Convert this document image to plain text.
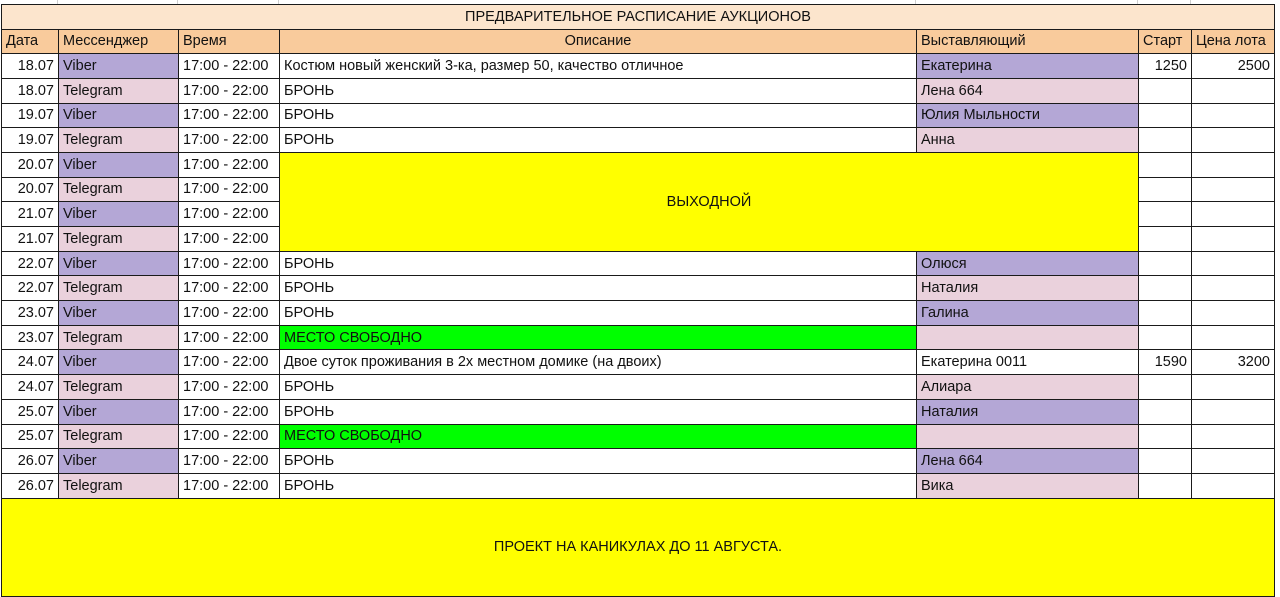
ПРЕДВАРИТЕЛЬНОЕ РАСПИСАНИЕ АУКЦИОНОВ						
Дата	Мессенджер	Время	Описание	Выставляющий	Старт	Цена лота
18.07	Viber	17:00 - 22:00	Костюм новый женский 3-ка, размер 50, качество отличное	Екатерина	1250	2500
18.07	Telegram	17:00 - 22:00	БРОНЬ	Лена 664		
19.07	Viber	17:00 - 22:00	БРОНЬ	Юлия Мыльности		
19.07	Telegram	17:00 - 22:00	БРОНЬ	Анна		
20.07	Viber	17:00 - 22:00	ВЫХОДНОЙ			
20.07	Telegram	17:00 - 22:00				
21.07	Viber	17:00 - 22:00				
21.07	Telegram	17:00 - 22:00				
22.07	Viber	17:00 - 22:00	БРОНЬ	Олюся		
22.07	Telegram	17:00 - 22:00	БРОНЬ	Наталия		
23.07	Viber	17:00 - 22:00	БРОНЬ	Галина		
23.07	Telegram	17:00 - 22:00	МЕСТО СВОБОДНО			
24.07	Viber	17:00 - 22:00	Двое суток проживания в 2х местном домике (на двоих)	Екатерина 0011	1590	3200
24.07	Telegram	17:00 - 22:00	БРОНЬ	Алиара		
25.07	Viber	17:00 - 22:00	БРОНЬ	Наталия		
25.07	Telegram	17:00 - 22:00	МЕСТО СВОБОДНО			
26.07	Viber	17:00 - 22:00	БРОНЬ	Лена 664		
26.07	Telegram	17:00 - 22:00	БРОНЬ	Вика		
ПРОЕКТ НА КАНИКУЛАХ ДО 11 АВГУСТА.						
